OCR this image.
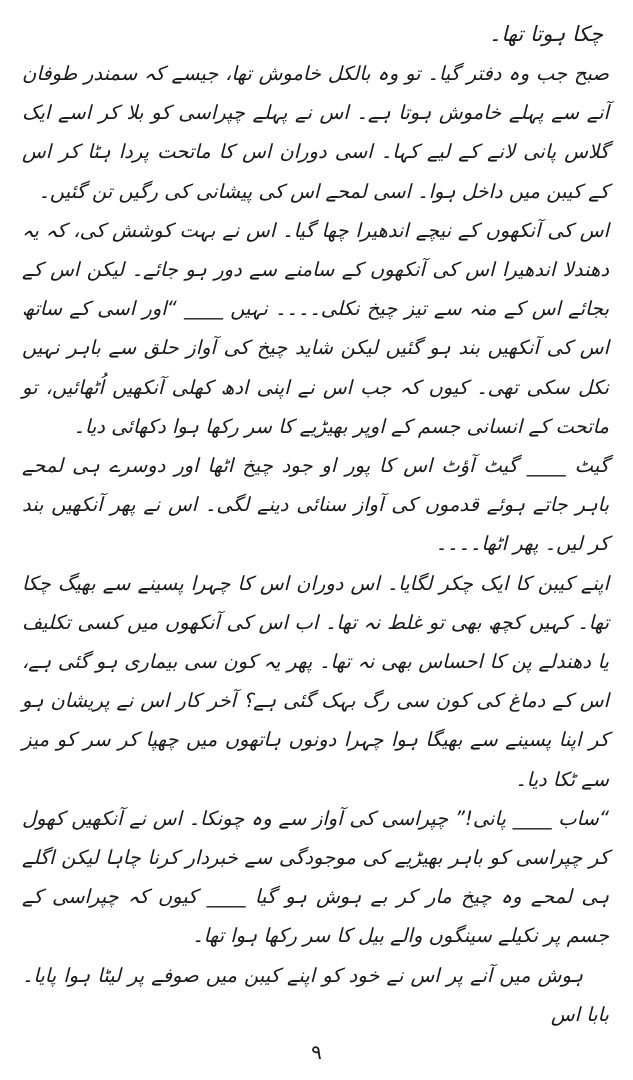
چکا ہوتا تھا۔

صبح جب وہ دفتر گیا۔ تو وہ بالکل خاموش تھا، جیسے کہ سمندر طوفان آنے سے پہلے خاموش ہوتا ہے۔ اس نے پہلے چپراسی کو بلا کر اسے ایک گلاس پانی لانے کے لیے کہا۔ اسی دوران اس کا ماتحت پردا ہٹا کر اس کے کیبن میں داخل ہوا۔ اسی لمحے اس کی پیشانی کی رگیں تن گئیں۔

اس کی آنکھوں کے نیچے اندھیرا چھا گیا۔ اس نے بہت کوشش کی، کہ یہ دھندلا اندھیرا اس کی آنکھوں کے سامنے سے دور ہو جائے۔ لیکن اس کے بجائے اس کے منہ سے تیز چیخ نکلی۔۔۔۔ نہیں ____ “اور اسی کے ساتھ اس کی آنکھیں بند ہو گئیں لیکن شاید چیخ کی آواز حلق سے باہر نہیں نکل سکی تھی۔ کیوں کہ جب اس نے اپنی ادھ کھلی آنکھیں اُٹھائیں، تو ماتحت کے انسانی جسم کے اوپر بھیڑیے کا سر رکھا ہوا دکھائی دیا۔

گیٹ ____ گیٹ آؤٹ اس کا پور او جود چیخ اٹھا اور دوسرے ہی لمحے باہر جاتے ہوئے قدموں کی آواز سنائی دینے لگی۔ اس نے پھر آنکھیں بند کر لیں۔ پھر اٹھا۔۔۔۔

اپنے کیبن کا ایک چکر لگایا۔ اس دوران اس کا چہرا پسینے سے بھیگ چکا تھا۔ کہیں کچھ بھی تو غلط نہ تھا۔ اب اس کی آنکھوں میں کسی تکلیف یا دھندلے پن کا احساس بھی نہ تھا۔ پھر یہ کون سی بیماری ہو گئی ہے، اس کے دماغ کی کون سی رگ بہک گئی ہے؟ آخر کار اس نے پریشان ہو کر اپنا پسینے سے بھیگا ہوا چہرا دونوں ہاتھوں میں چھپا کر سر کو میز سے ٹکا دیا۔

“ساب ____ پانی!” چپراسی کی آواز سے وہ چونکا۔ اس نے آنکھیں کھول کر چپراسی کو باہر بھیڑیے کی موجودگی سے خبردار کرنا چاہا لیکن اگلے ہی لمحے وہ چیخ مار کر بے ہوش ہو گیا ____ کیوں کہ چپراسی کے جسم پر نکیلے سینگوں والے بیل کا سر رکھا ہوا تھا۔

ہوش میں آنے پر اس نے خود کو اپنے کیبن میں صوفے پر لیٹا ہوا پایا۔ بابا اس

۹
